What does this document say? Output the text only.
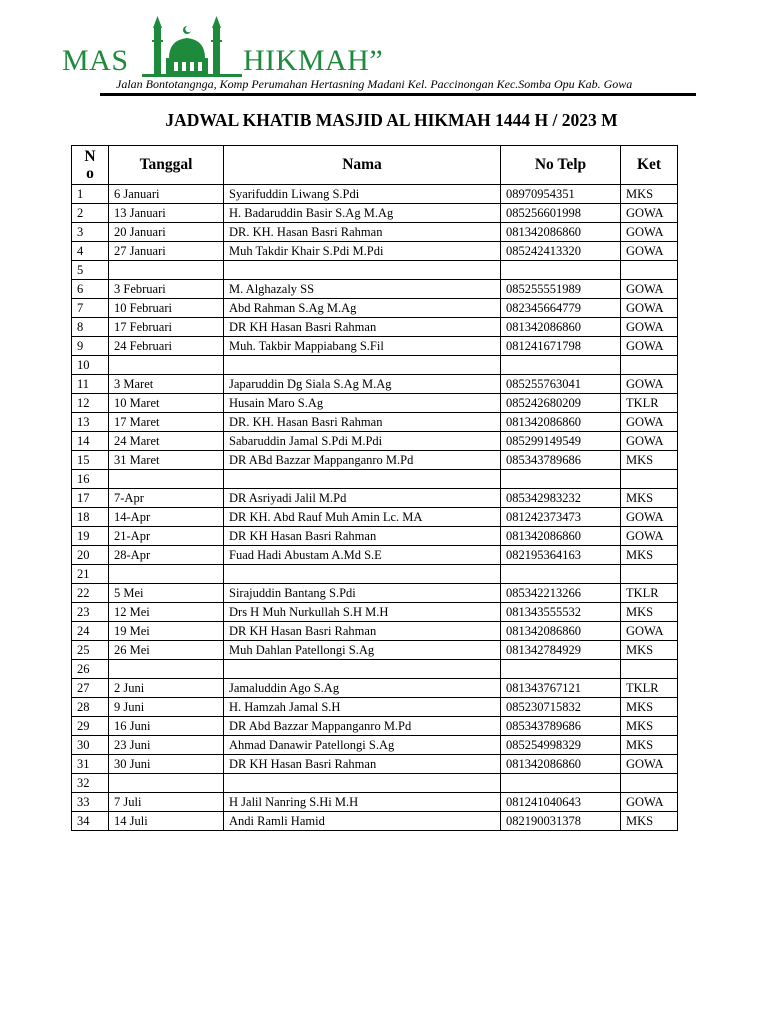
MAS	HIKMAH”
Jalan Bontotangnga, Komp Perumahan Hertasning Madani Kel. Paccinongan Kec.Somba Opu Kab. Gowa
JADWAL KHATIB MASJID AL HIKMAH 1444 H / 2023 M
N
o	Tanggal	Nama	No Telp	Ket
1	6 Januari	Syarifuddin Liwang S.Pdi	08970954351	MKS
2	13 Januari	H. Badaruddin Basir S.Ag M.Ag	085256601998	GOWA
3	20 Januari	DR. KH. Hasan Basri Rahman	081342086860	GOWA
4	27 Januari	Muh Takdir Khair S.Pdi M.Pdi	085242413320	GOWA
5				
6	3 Februari	M. Alghazaly SS	085255551989	GOWA
7	10 Februari	Abd Rahman S.Ag M.Ag	082345664779	GOWA
8	17 Februari	DR KH Hasan Basri Rahman	081342086860	GOWA
9	24 Februari	Muh. Takbir Mappiabang S.Fil	081241671798	GOWA
10				
11	3 Maret	Japaruddin Dg Siala S.Ag M.Ag	085255763041	GOWA
12	10 Maret	Husain Maro S.Ag	085242680209	TKLR
13	17 Maret	DR. KH. Hasan Basri Rahman	081342086860	GOWA
14	24 Maret	Sabaruddin Jamal S.Pdi M.Pdi	085299149549	GOWA
15	31 Maret	DR ABd Bazzar Mappanganro M.Pd	085343789686	MKS
16				
17	7-Apr	DR Asriyadi Jalil M.Pd	085342983232	MKS
18	14-Apr	DR KH. Abd Rauf Muh Amin Lc. MA	081242373473	GOWA
19	21-Apr	DR KH Hasan Basri Rahman	081342086860	GOWA
20	28-Apr	Fuad Hadi Abustam A.Md S.E	082195364163	MKS
21				
22	5 Mei	Sirajuddin Bantang S.Pdi	085342213266	TKLR
23	12 Mei	Drs H Muh Nurkullah S.H M.H	081343555532	MKS
24	19 Mei	DR KH Hasan Basri Rahman	081342086860	GOWA
25	26 Mei	Muh Dahlan Patellongi S.Ag	081342784929	MKS
26				
27	2 Juni	Jamaluddin Ago S.Ag	081343767121	TKLR
28	9 Juni	H. Hamzah Jamal S.H	085230715832	MKS
29	16 Juni	DR Abd Bazzar Mappanganro M.Pd	085343789686	MKS
30	23 Juni	Ahmad Danawir Patellongi S.Ag	085254998329	MKS
31	30 Juni	DR KH Hasan Basri Rahman	081342086860	GOWA
32				
33	7 Juli	H Jalil Nanring S.Hi M.H	081241040643	GOWA
34	14 Juli	Andi Ramli Hamid	082190031378	MKS
